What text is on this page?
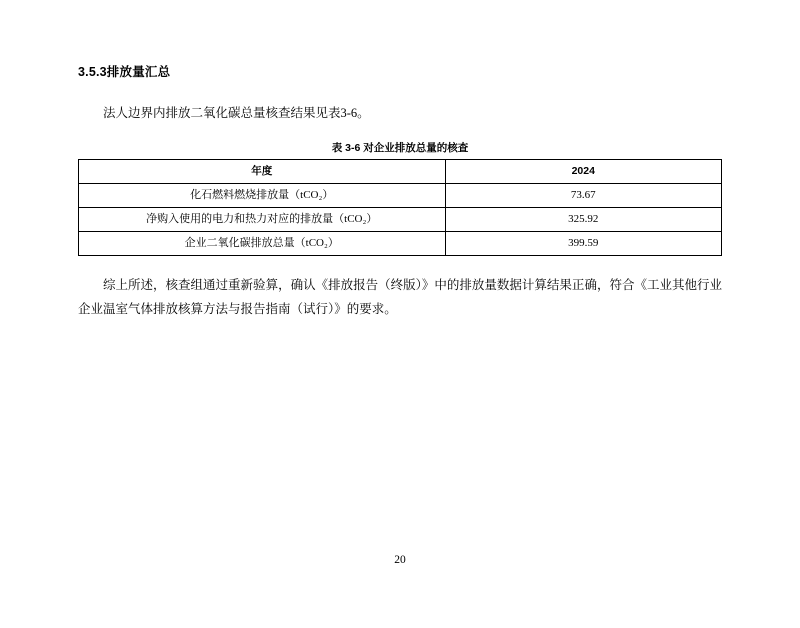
3.5.3排放量汇总

法人边界内排放二氧化碳总量核查结果见表3-6。

表 3-6 对企业排放总量的核查
年度	2024
化石燃料燃烧排放量（tCO₂）	73.67
净购入使用的电力和热力对应的排放量（tCO₂）	325.92
企业二氧化碳排放总量（tCO₂）	399.59

综上所述，核查组通过重新验算，确认《排放报告（终版）》中的排放量数据计算结果正确，符合《工业其他行业企业温室气体排放核算方法与报告指南（试行）》的要求。

20
